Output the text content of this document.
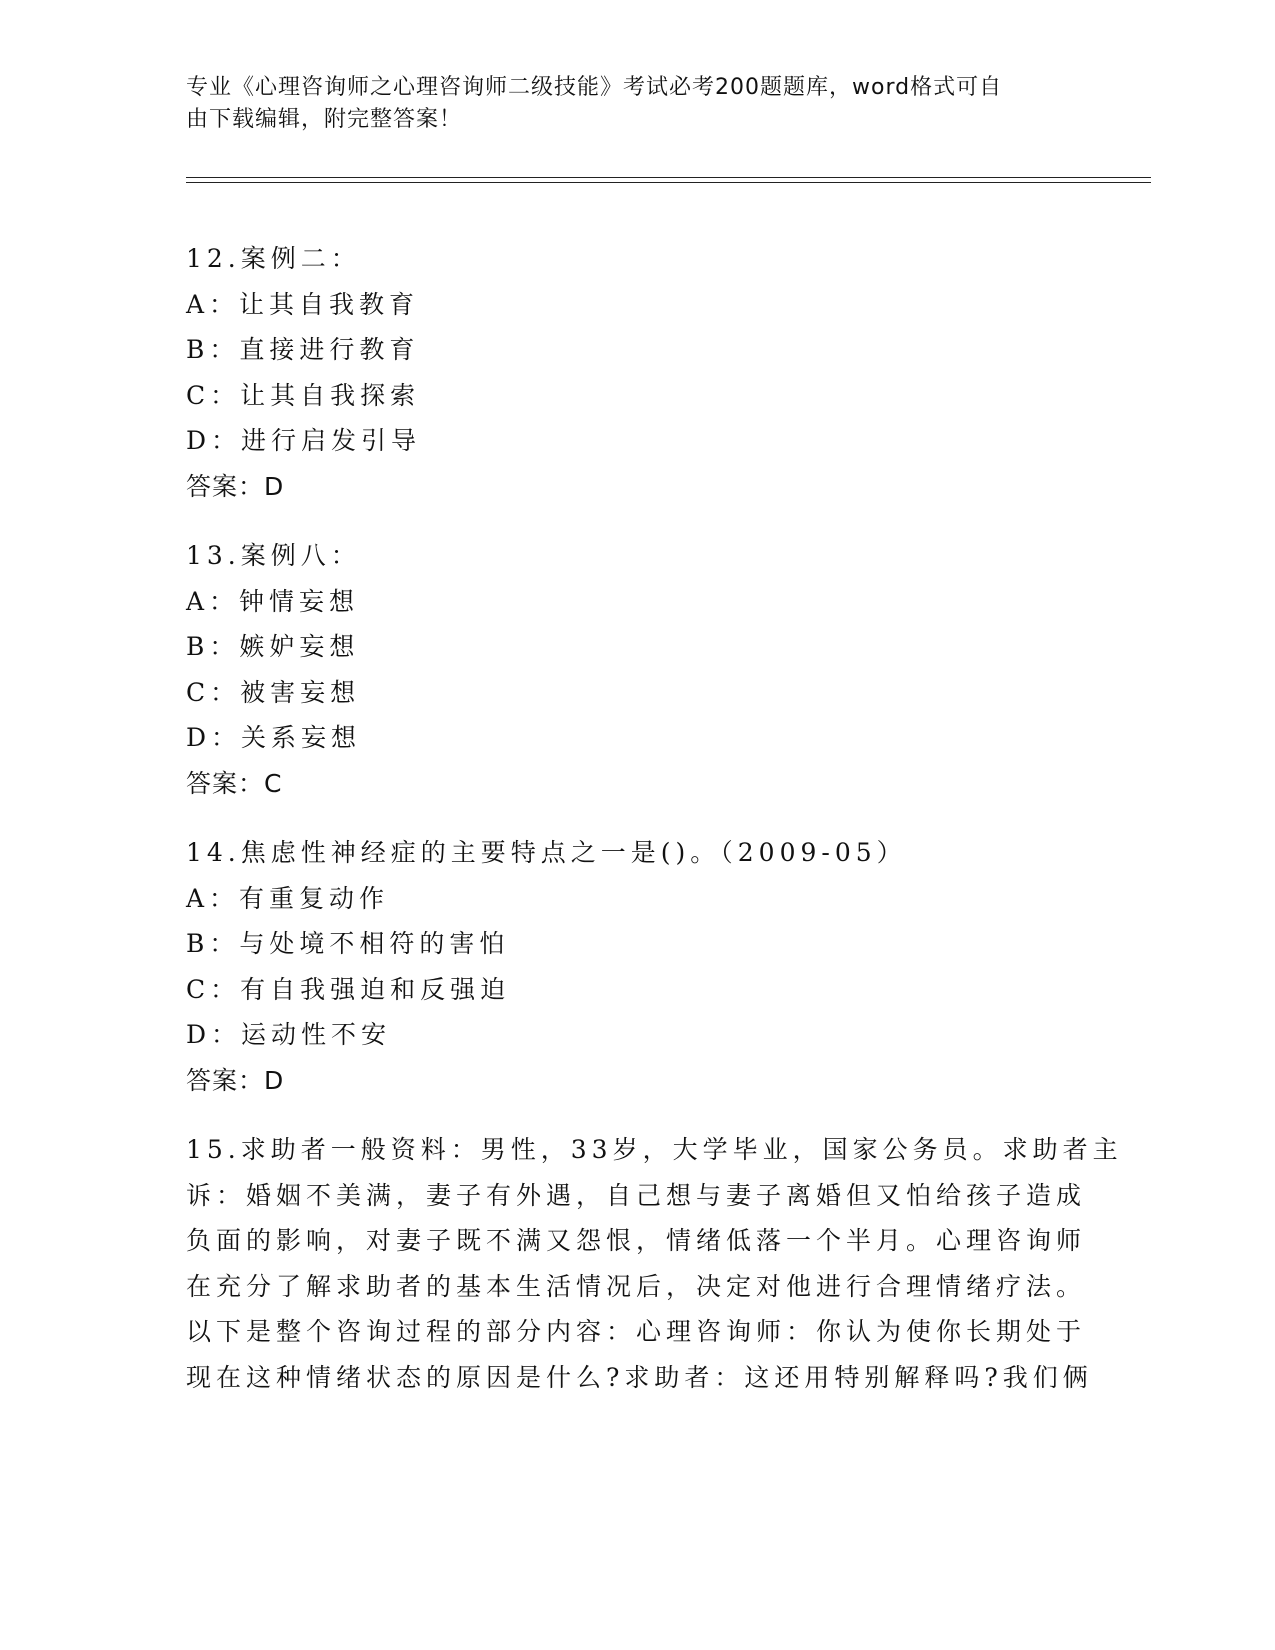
专业《心理咨询师之心理咨询师二级技能》考试必考200题题库，word格式可自
由下载编辑，附完整答案！
12.案例二：
A：让其自我教育
B：直接进行教育
C：让其自我探索
D：进行启发引导
答案：D
13.案例八：
A：钟情妄想
B：嫉妒妄想
C：被害妄想
D：关系妄想
答案：C
14.焦虑性神经症的主要特点之一是()。（2009-05）
A：有重复动作
B：与处境不相符的害怕
C：有自我强迫和反强迫
D：运动性不安
答案：D
15.求助者一般资料：男性，33岁，大学毕业，国家公务员。求助者主
诉：婚姻不美满，妻子有外遇，自己想与妻子离婚但又怕给孩子造成
负面的影响，对妻子既不满又怨恨，情绪低落一个半月。心理咨询师
在充分了解求助者的基本生活情况后，决定对他进行合理情绪疗法。
以下是整个咨询过程的部分内容：心理咨询师：你认为使你长期处于
现在这种情绪状态的原因是什么?求助者：这还用特别解释吗?我们俩
